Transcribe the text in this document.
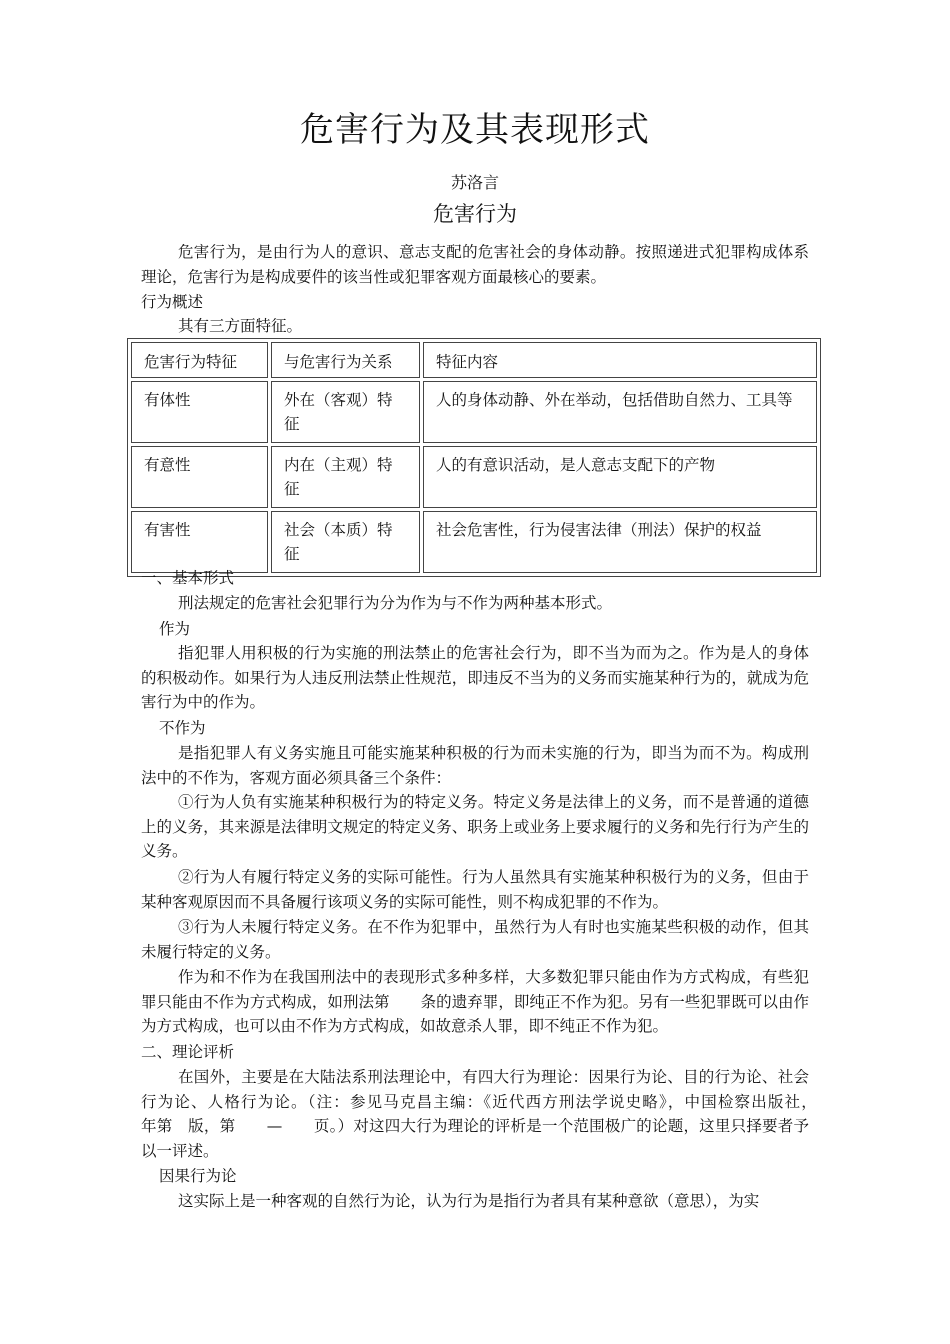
危害行为及其表现形式
苏洛言
危害行为
危害行为，是由行为人的意识、意志支配的危害社会的身体动静。按照递进式犯罪构成体系理论，危害行为是构成要件的该当性或犯罪客观方面最核心的要素。
行为概述
其有三方面特征。
危害行为特征	与危害行为关系	特征内容
有体性	外在（客观）特征	人的身体动静、外在举动，包括借助自然力、工具等
有意性	内在（主观）特征	人的有意识活动，是人意志支配下的产物
有害性	社会（本质）特征	社会危害性，行为侵害法律（刑法）保护的权益
一、基本形式
刑法规定的危害社会犯罪行为分为作为与不作为两种基本形式。
作为
指犯罪人用积极的行为实施的刑法禁止的危害社会行为，即不当为而为之。作为是人的身体的积极动作。如果行为人违反刑法禁止性规范，即违反不当为的义务而实施某种行为的，就成为危害行为中的作为。
不作为
是指犯罪人有义务实施且可能实施某种积极的行为而未实施的行为，即当为而不为。构成刑法中的不作为，客观方面必须具备三个条件：
①行为人负有实施某种积极行为的特定义务。特定义务是法律上的义务，而不是普通的道德上的义务，其来源是法律明文规定的特定义务、职务上或业务上要求履行的义务和先行行为产生的义务。
②行为人有履行特定义务的实际可能性。行为人虽然具有实施某种积极行为的义务，但由于某种客观原因而不具备履行该项义务的实际可能性，则不构成犯罪的不作为。
③行为人未履行特定义务。在不作为犯罪中，虽然行为人有时也实施某些积极的动作，但其未履行特定的义务。
作为和不作为在我国刑法中的表现形式多种多样，大多数犯罪只能由作为方式构成，有些犯罪只能由不作为方式构成，如刑法第　　条的遗弃罪，即纯正不作为犯。另有一些犯罪既可以由作为方式构成，也可以由不作为方式构成，如故意杀人罪，即不纯正不作为犯。
二、理论评析
在国外，主要是在大陆法系刑法理论中，有四大行为理论：因果行为论、目的行为论、社会行为论、人格行为论。（注：参见马克昌主编：《近代西方刑法学说史略》，中国检察出版社，　　　年第　版，第　　—　　页。）对这四大行为理论的评析是一个范围极广的论题，这里只择要者予以一评述。
因果行为论
这实际上是一种客观的自然行为论，认为行为是指行为者具有某种意欲（意思），为实
